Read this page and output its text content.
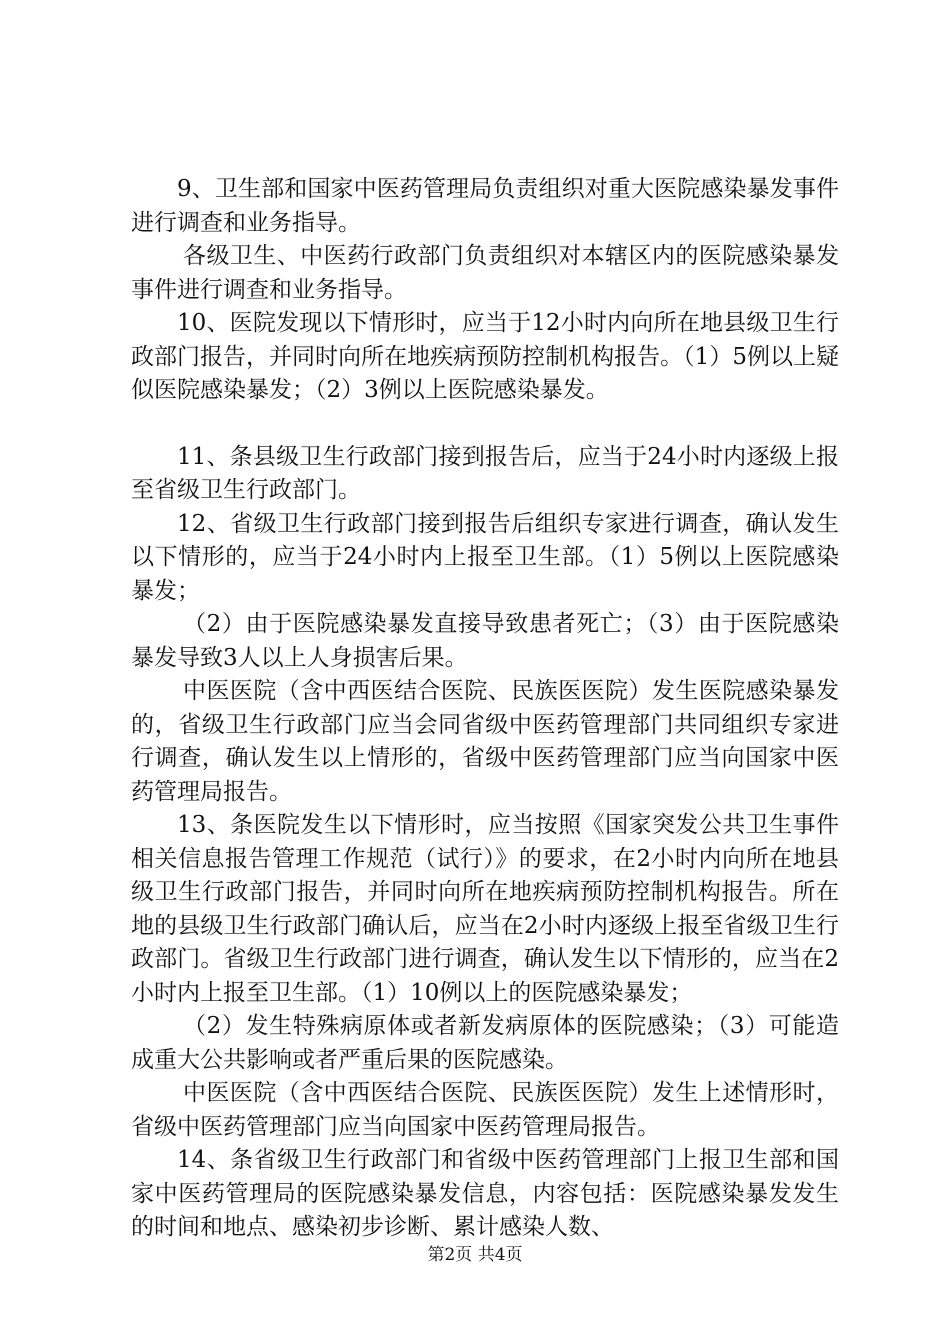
9、卫生部和国家中医药管理局负责组织对重大医院感染暴发事件进行调查和业务指导。

各级卫生、中医药行政部门负责组织对本辖区内的医院感染暴发事件进行调查和业务指导。

10、医院发现以下情形时，应当于12小时内向所在地县级卫生行政部门报告，并同时向所在地疾病预防控制机构报告。（1）5例以上疑似医院感染暴发；（2）3例以上医院感染暴发。

11、条县级卫生行政部门接到报告后，应当于24小时内逐级上报至省级卫生行政部门。

12、省级卫生行政部门接到报告后组织专家进行调查，确认发生以下情形的，应当于24小时内上报至卫生部。（1）5例以上医院感染暴发；

（2）由于医院感染暴发直接导致患者死亡；（3）由于医院感染暴发导致3人以上人身损害后果。

中医医院（含中西医结合医院、民族医医院）发生医院感染暴发的，省级卫生行政部门应当会同省级中医药管理部门共同组织专家进行调查，确认发生以上情形的，省级中医药管理部门应当向国家中医药管理局报告。

13、条医院发生以下情形时，应当按照《国家突发公共卫生事件相关信息报告管理工作规范（试行）》的要求，在2小时内向所在地县级卫生行政部门报告，并同时向所在地疾病预防控制机构报告。所在地的县级卫生行政部门确认后，应当在2小时内逐级上报至省级卫生行政部门。省级卫生行政部门进行调查，确认发生以下情形的，应当在2小时内上报至卫生部。（1）10例以上的医院感染暴发；

（2）发生特殊病原体或者新发病原体的医院感染；（3）可能造成重大公共影响或者严重后果的医院感染。

中医医院（含中西医结合医院、民族医医院）发生上述情形时，省级中医药管理部门应当向国家中医药管理局报告。

14、条省级卫生行政部门和省级中医药管理部门上报卫生部和国家中医药管理局的医院感染暴发信息，内容包括：医院感染暴发发生的时间和地点、感染初步诊断、累计感染人数、

第2页 共4页
